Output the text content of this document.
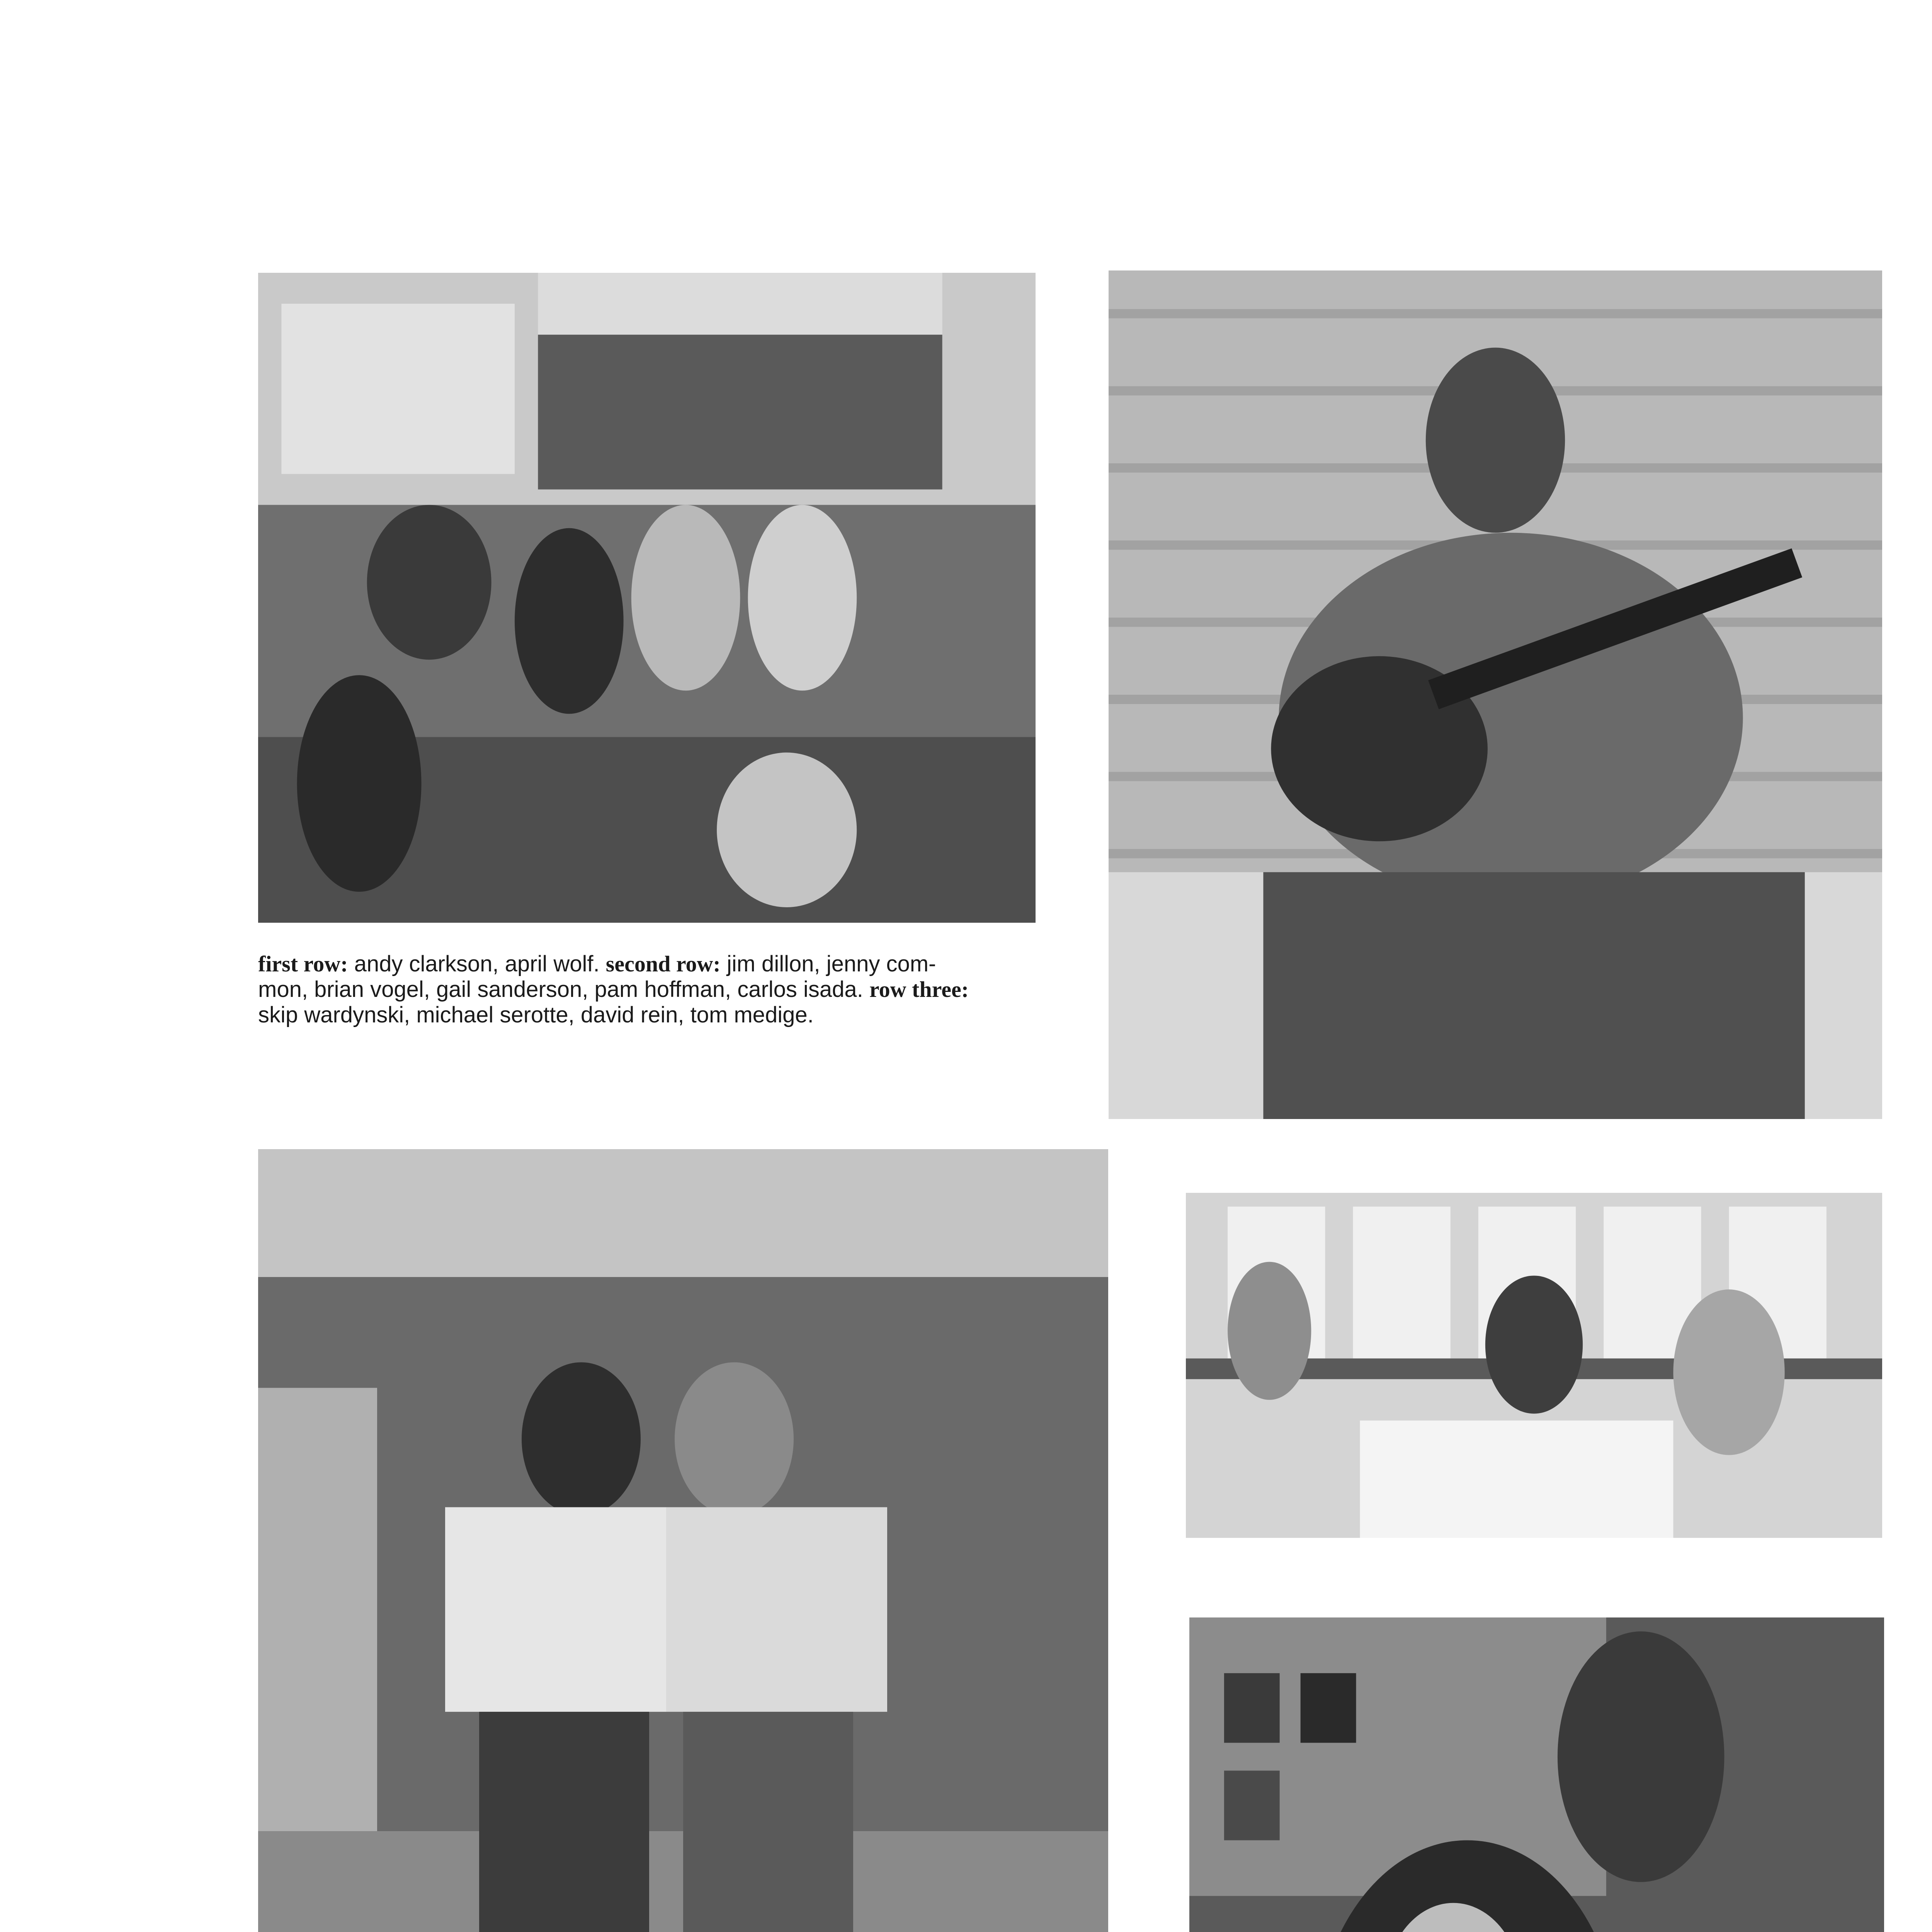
first row: andy clarkson, april wolf. second row: jim dillon, jenny com-
mon, brian vogel, gail sanderson, pam hoffman, carlos isada. row three:
skip wardynski, michael serotte, david rein, tom medige.
